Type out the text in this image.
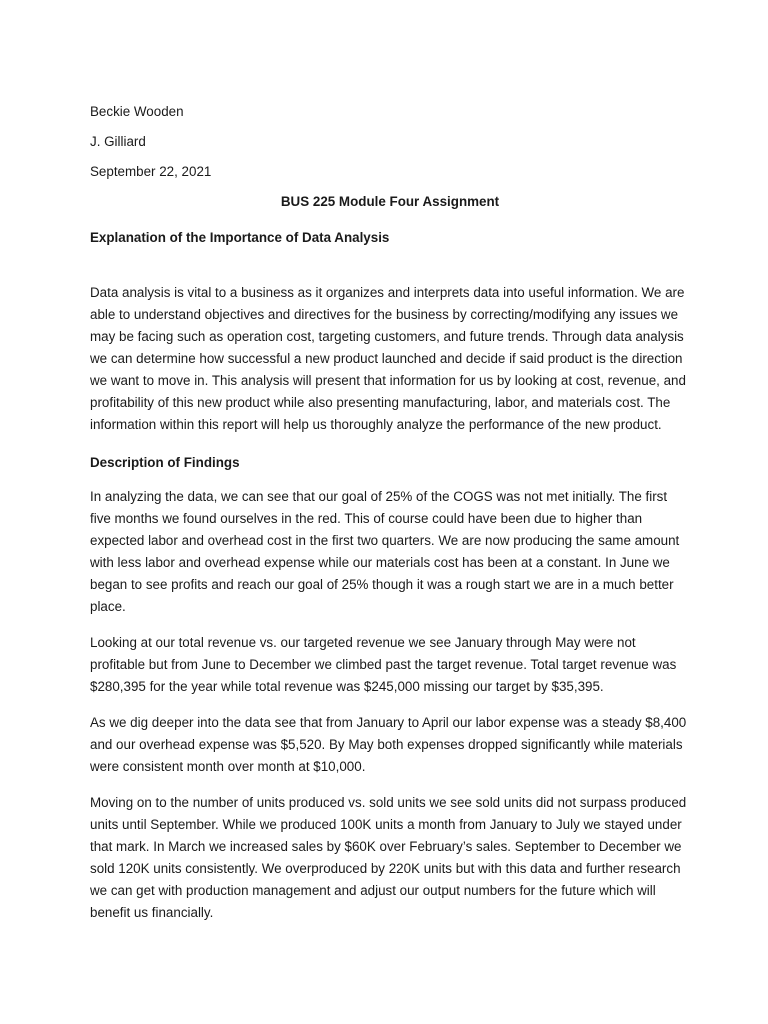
Beckie Wooden

J. Gilliard

September 22, 2021

BUS 225 Module Four Assignment

Explanation of the Importance of Data Analysis

Data analysis is vital to a business as it organizes and interprets data into useful information. We are able to understand objectives and directives for the business by correcting/modifying any issues we may be facing such as operation cost, targeting customers, and future trends. Through data analysis we can determine how successful a new product launched and decide if said product is the direction we want to move in. This analysis will present that information for us by looking at cost, revenue, and profitability of this new product while also presenting manufacturing, labor, and materials cost. The information within this report will help us thoroughly analyze the performance of the new product.

Description of Findings

In analyzing the data, we can see that our goal of 25% of the COGS was not met initially. The first five months we found ourselves in the red. This of course could have been due to higher than expected labor and overhead cost in the first two quarters. We are now producing the same amount with less labor and overhead expense while our materials cost has been at a constant. In June we began to see profits and reach our goal of 25% though it was a rough start we are in a much better place.

Looking at our total revenue vs. our targeted revenue we see January through May were not profitable but from June to December we climbed past the target revenue. Total target revenue was $280,395 for the year while total revenue was $245,000 missing our target by $35,395.

As we dig deeper into the data see that from January to April our labor expense was a steady $8,400 and our overhead expense was $5,520. By May both expenses dropped significantly while materials were consistent month over month at $10,000.

Moving on to the number of units produced vs. sold units we see sold units did not surpass produced units until September. While we produced 100K units a month from January to July we stayed under that mark. In March we increased sales by $60K over February’s sales. September to December we sold 120K units consistently. We overproduced by 220K units but with this data and further research we can get with production management and adjust our output numbers for the future which will benefit us financially.
